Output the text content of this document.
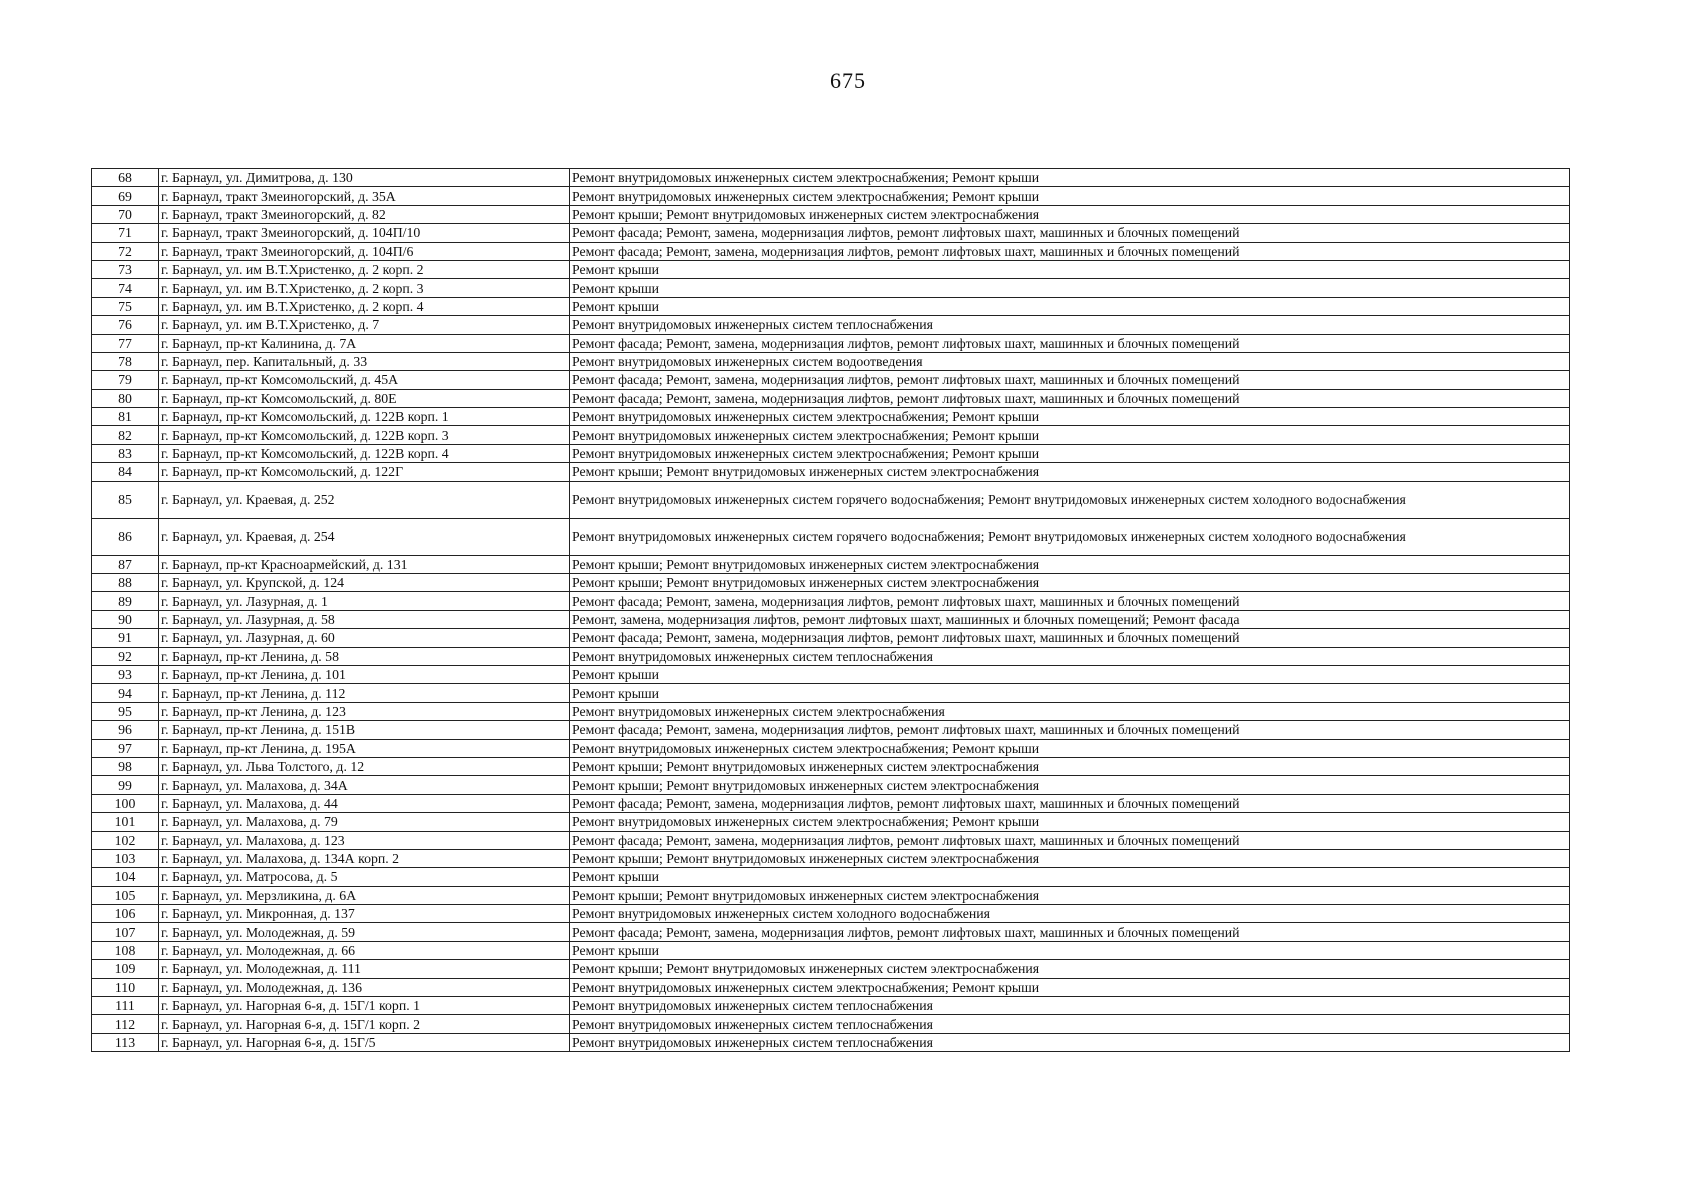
675
68	г. Барнаул, ул. Димитрова, д. 130	Ремонт внутридомовых инженерных систем электроснабжения; Ремонт крыши
69	г. Барнаул, тракт Змеиногорский, д. 35А	Ремонт внутридомовых инженерных систем электроснабжения; Ремонт крыши
70	г. Барнаул, тракт Змеиногорский, д. 82	Ремонт крыши; Ремонт внутридомовых инженерных систем электроснабжения
71	г. Барнаул, тракт Змеиногорский, д. 104П/10	Ремонт фасада; Ремонт, замена, модернизация лифтов, ремонт лифтовых шахт, машинных и блочных помещений
72	г. Барнаул, тракт Змеиногорский, д. 104П/6	Ремонт фасада; Ремонт, замена, модернизация лифтов, ремонт лифтовых шахт, машинных и блочных помещений
73	г. Барнаул, ул. им В.Т.Христенко, д. 2 корп. 2	Ремонт крыши
74	г. Барнаул, ул. им В.Т.Христенко, д. 2 корп. 3	Ремонт крыши
75	г. Барнаул, ул. им В.Т.Христенко, д. 2 корп. 4	Ремонт крыши
76	г. Барнаул, ул. им В.Т.Христенко, д. 7	Ремонт внутридомовых инженерных систем теплоснабжения
77	г. Барнаул, пр-кт Калинина, д. 7А	Ремонт фасада; Ремонт, замена, модернизация лифтов, ремонт лифтовых шахт, машинных и блочных помещений
78	г. Барнаул, пер. Капитальный, д. 33	Ремонт внутридомовых инженерных систем водоотведения
79	г. Барнаул, пр-кт Комсомольский, д. 45А	Ремонт фасада; Ремонт, замена, модернизация лифтов, ремонт лифтовых шахт, машинных и блочных помещений
80	г. Барнаул, пр-кт Комсомольский, д. 80Е	Ремонт фасада; Ремонт, замена, модернизация лифтов, ремонт лифтовых шахт, машинных и блочных помещений
81	г. Барнаул, пр-кт Комсомольский, д. 122В корп. 1	Ремонт внутридомовых инженерных систем электроснабжения; Ремонт крыши
82	г. Барнаул, пр-кт Комсомольский, д. 122В корп. 3	Ремонт внутридомовых инженерных систем электроснабжения; Ремонт крыши
83	г. Барнаул, пр-кт Комсомольский, д. 122В корп. 4	Ремонт внутридомовых инженерных систем электроснабжения; Ремонт крыши
84	г. Барнаул, пр-кт Комсомольский, д. 122Г	Ремонт крыши; Ремонт внутридомовых инженерных систем электроснабжения
85	г. Барнаул, ул. Краевая, д. 252	Ремонт внутридомовых инженерных систем горячего водоснабжения; Ремонт внутридомовых инженерных систем холодного водоснабжения
86	г. Барнаул, ул. Краевая, д. 254	Ремонт внутридомовых инженерных систем горячего водоснабжения; Ремонт внутридомовых инженерных систем холодного водоснабжения
87	г. Барнаул, пр-кт Красноармейский, д. 131	Ремонт крыши; Ремонт внутридомовых инженерных систем электроснабжения
88	г. Барнаул, ул. Крупской, д. 124	Ремонт крыши; Ремонт внутридомовых инженерных систем электроснабжения
89	г. Барнаул, ул. Лазурная, д. 1	Ремонт фасада; Ремонт, замена, модернизация лифтов, ремонт лифтовых шахт, машинных и блочных помещений
90	г. Барнаул, ул. Лазурная, д. 58	Ремонт, замена, модернизация лифтов, ремонт лифтовых шахт, машинных и блочных помещений; Ремонт фасада
91	г. Барнаул, ул. Лазурная, д. 60	Ремонт фасада; Ремонт, замена, модернизация лифтов, ремонт лифтовых шахт, машинных и блочных помещений
92	г. Барнаул, пр-кт Ленина, д. 58	Ремонт внутридомовых инженерных систем теплоснабжения
93	г. Барнаул, пр-кт Ленина, д. 101	Ремонт крыши
94	г. Барнаул, пр-кт Ленина, д. 112	Ремонт крыши
95	г. Барнаул, пр-кт Ленина, д. 123	Ремонт внутридомовых инженерных систем электроснабжения
96	г. Барнаул, пр-кт Ленина, д. 151В	Ремонт фасада; Ремонт, замена, модернизация лифтов, ремонт лифтовых шахт, машинных и блочных помещений
97	г. Барнаул, пр-кт Ленина, д. 195А	Ремонт внутридомовых инженерных систем электроснабжения; Ремонт крыши
98	г. Барнаул, ул. Льва Толстого, д. 12	Ремонт крыши; Ремонт внутридомовых инженерных систем электроснабжения
99	г. Барнаул, ул. Малахова, д. 34А	Ремонт крыши; Ремонт внутридомовых инженерных систем электроснабжения
100	г. Барнаул, ул. Малахова, д. 44	Ремонт фасада; Ремонт, замена, модернизация лифтов, ремонт лифтовых шахт, машинных и блочных помещений
101	г. Барнаул, ул. Малахова, д. 79	Ремонт внутридомовых инженерных систем электроснабжения; Ремонт крыши
102	г. Барнаул, ул. Малахова, д. 123	Ремонт фасада; Ремонт, замена, модернизация лифтов, ремонт лифтовых шахт, машинных и блочных помещений
103	г. Барнаул, ул. Малахова, д. 134А корп. 2	Ремонт крыши; Ремонт внутридомовых инженерных систем электроснабжения
104	г. Барнаул, ул. Матросова, д. 5	Ремонт крыши
105	г. Барнаул, ул. Мерзликина, д. 6А	Ремонт крыши; Ремонт внутридомовых инженерных систем электроснабжения
106	г. Барнаул, ул. Микронная, д. 137	Ремонт внутридомовых инженерных систем холодного водоснабжения
107	г. Барнаул, ул. Молодежная, д. 59	Ремонт фасада; Ремонт, замена, модернизация лифтов, ремонт лифтовых шахт, машинных и блочных помещений
108	г. Барнаул, ул. Молодежная, д. 66	Ремонт крыши
109	г. Барнаул, ул. Молодежная, д. 111	Ремонт крыши; Ремонт внутридомовых инженерных систем электроснабжения
110	г. Барнаул, ул. Молодежная, д. 136	Ремонт внутридомовых инженерных систем электроснабжения; Ремонт крыши
111	г. Барнаул, ул. Нагорная 6-я, д. 15Г/1 корп. 1	Ремонт внутридомовых инженерных систем теплоснабжения
112	г. Барнаул, ул. Нагорная 6-я, д. 15Г/1 корп. 2	Ремонт внутридомовых инженерных систем теплоснабжения
113	г. Барнаул, ул. Нагорная 6-я, д. 15Г/5	Ремонт внутридомовых инженерных систем теплоснабжения
